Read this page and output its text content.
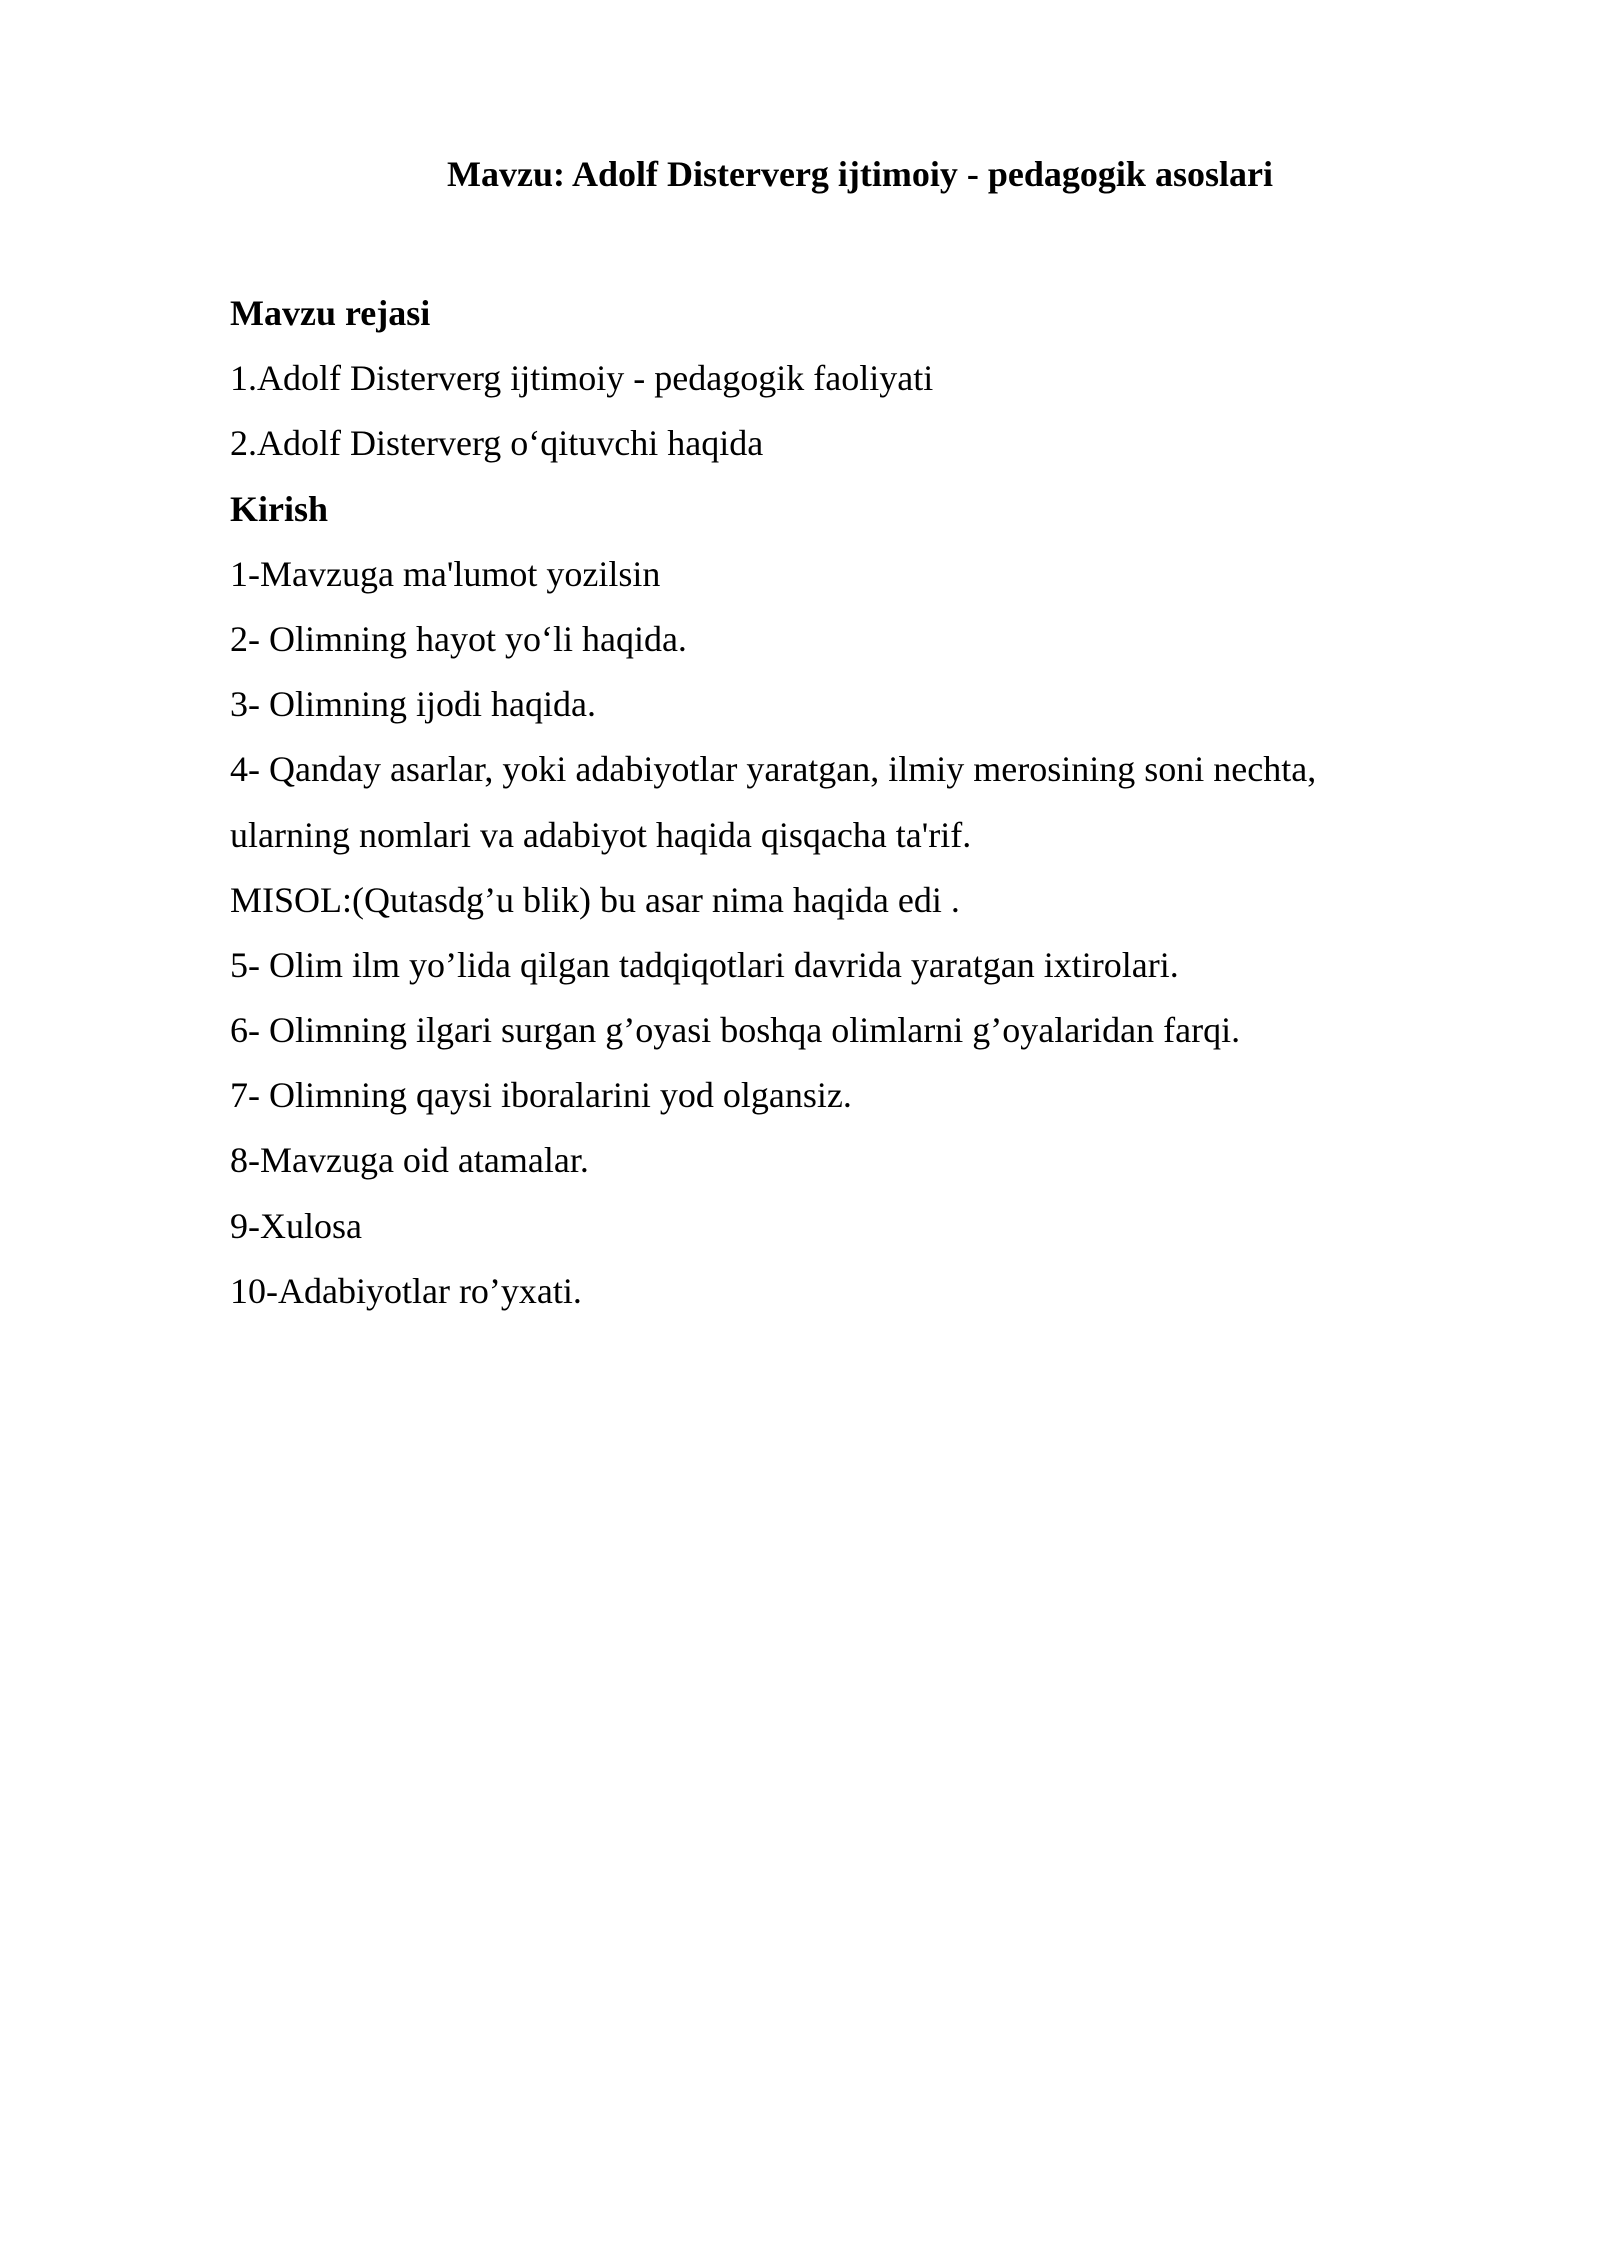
Mavzu: Adolf Disterverg ijtimoiy - pedagogik asoslari
Mavzu rejasi
1.Adolf Disterverg ijtimoiy - pedagogik faoliyati
2.Adolf Disterverg o‘qituvchi haqida
Kirish
1-Mavzuga ma'lumot yozilsin
2- Olimning hayot yo‘li haqida.
3- Olimning ijodi haqida.
4- Qanday asarlar, yoki adabiyotlar yaratgan, ilmiy merosining soni nechta,
ularning nomlari va adabiyot haqida qisqacha ta'rif.
MISOL:(Qutasdg’u blik) bu asar nima haqida edi .
5- Olim ilm yo’lida qilgan tadqiqotlari davrida yaratgan ixtirolari.
6- Olimning ilgari surgan g’oyasi boshqa olimlarni g’oyalaridan farqi.
7- Olimning qaysi iboralarini yod olgansiz.
8-Mavzuga oid atamalar.
9-Xulosa
10-Adabiyotlar ro’yxati.
